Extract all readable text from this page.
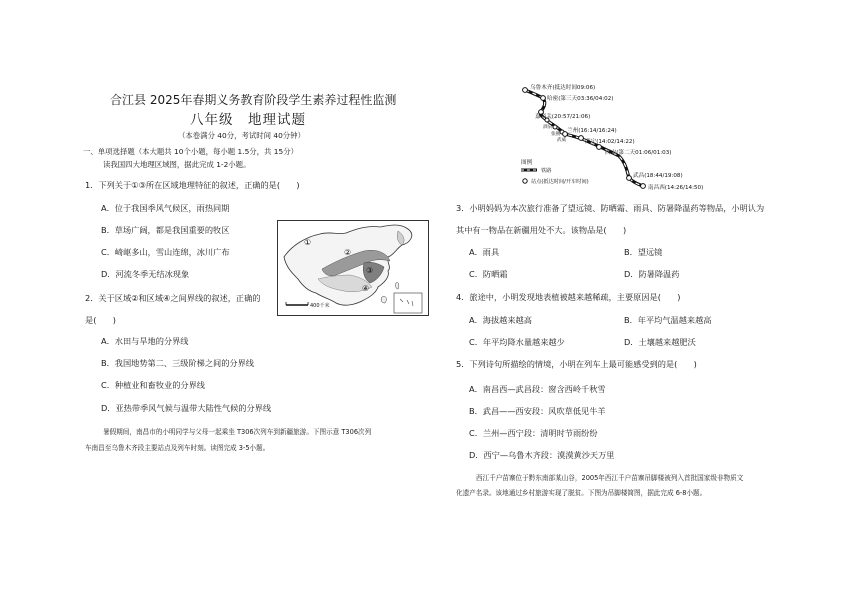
合江县 2025年春期义务教育阶段学生素养过程性监测
八年级　地理试题
（本卷满分 40分，考试时间 40分钟）
一、单项选择题（本大题共 10个小题，每小题 1.5分，共 15分）
读我国四大地理区域图，据此完成 1-2小题。
1．下列关于①③所在区域地理特征的叙述，正确的是(　　)
A．位于我国季风气候区，雨热同期
B．草场广阔，都是我国重要的牧区
C．崎岖多山，雪山连绵，冰川广布
D．河流冬季无结冰现象
①
②
③
④
400千米
2．关于区域②和区域④之间界线的叙述，正确的
是(　　)
A．水田与旱地的分界线
B．我国地势第二、三级阶梯之间的分界线
C．种植业和畜牧业的分界线
D．亚热带季风气候与温带大陆性气候的分界线
暑假期间，南昌市的小明同学与父母一起乘坐 T306次列车到新疆旅游。下图示意 T306次列
车南昌至乌鲁木齐段主要站点及列车时刻。读图完成 3-5小题。
乌鲁木齐(抵达时间09:06)
哈密(第三天03:36/04:02)
嘉峪关(20:57/21:06)
酒泉
张掖
武威
兰州(16:14/16:24)
西宁(14:02/14:22)
西安(第二天01:06/01:03)
武昌(18:44/19:08)
南昌西(14:26/14:50)
图例
铁路
站点(抵达时间/开车时间)
3．小明妈妈为本次旅行准备了望远镜、防晒霜、雨具、防暑降温药等物品，小明认为
其中有一物品在新疆用处不大。该物品是(　　)
A．雨具	B．望远镜
C．防晒霜	D．防暑降温药
4．旅途中，小明发现地表植被越来越稀疏，主要原因是(　　)
A．海拔越来越高	B．年平均气温越来越高
C．年平均降水量越来越少	D．土壤越来越肥沃
5．下列诗句所描绘的情境，小明在列车上最可能感受到的是(　　)
A．南昌西—武昌段：窗含西岭千秋雪
B．武昌——西安段：风吹草低见牛羊
C．兰州—西宁段：清明时节雨纷纷
D．西宁—乌鲁木齐段：漠漠黄沙天万里
西江千户苗寨位于黔东南部某山谷，2005年西江千户苗寨吊脚楼被列入首批国家级非物质文
化遗产名录。该地通过乡村旅游实现了脱贫。下图为吊脚楼简图，据此完成 6-8小题。
